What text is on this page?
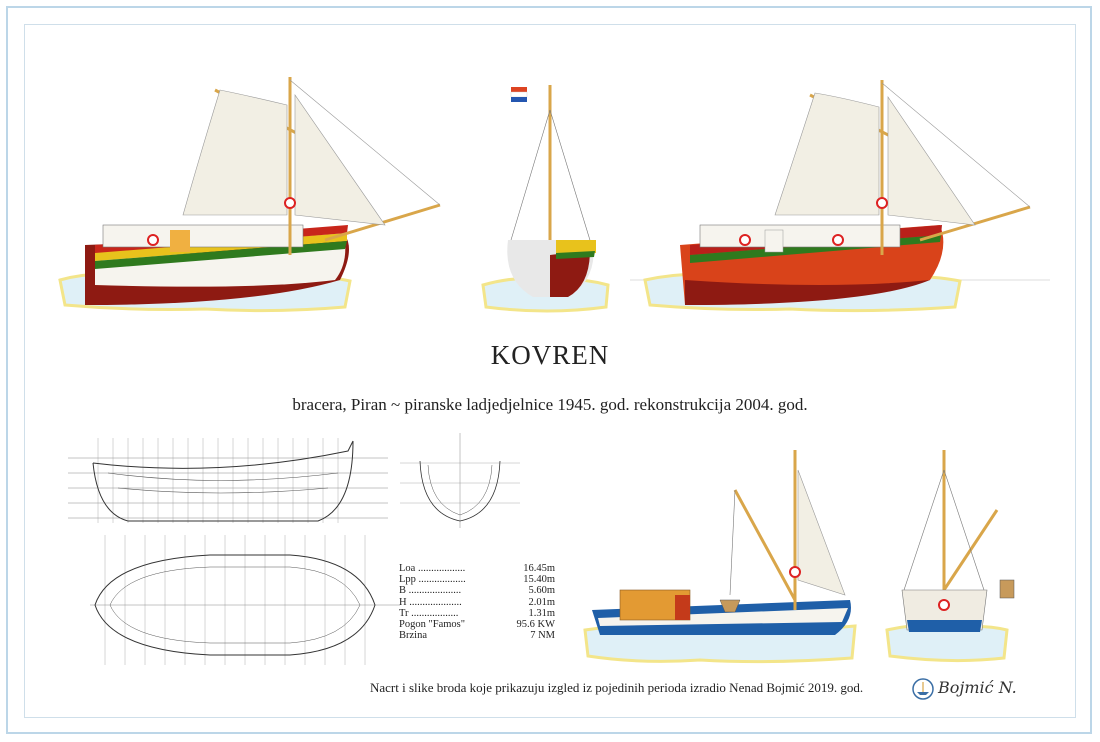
KOVREN
bracera, Piran ~ piranske ladjedjelnice 1945. god. rekonstrukcija 2004. god.
Loa ..................	16.45m
Lpp ..................	15.40m
B ....................	5.60m
H ....................	2.01m
Tr ..................	1.31m
Pogon "Famos"	95.6 KW
Brzina	7 NM
Nacrt i slike broda koje prikazuju izgled iz pojedinih perioda izradio Nenad Bojmić 2019. god.	Bojmić N.
